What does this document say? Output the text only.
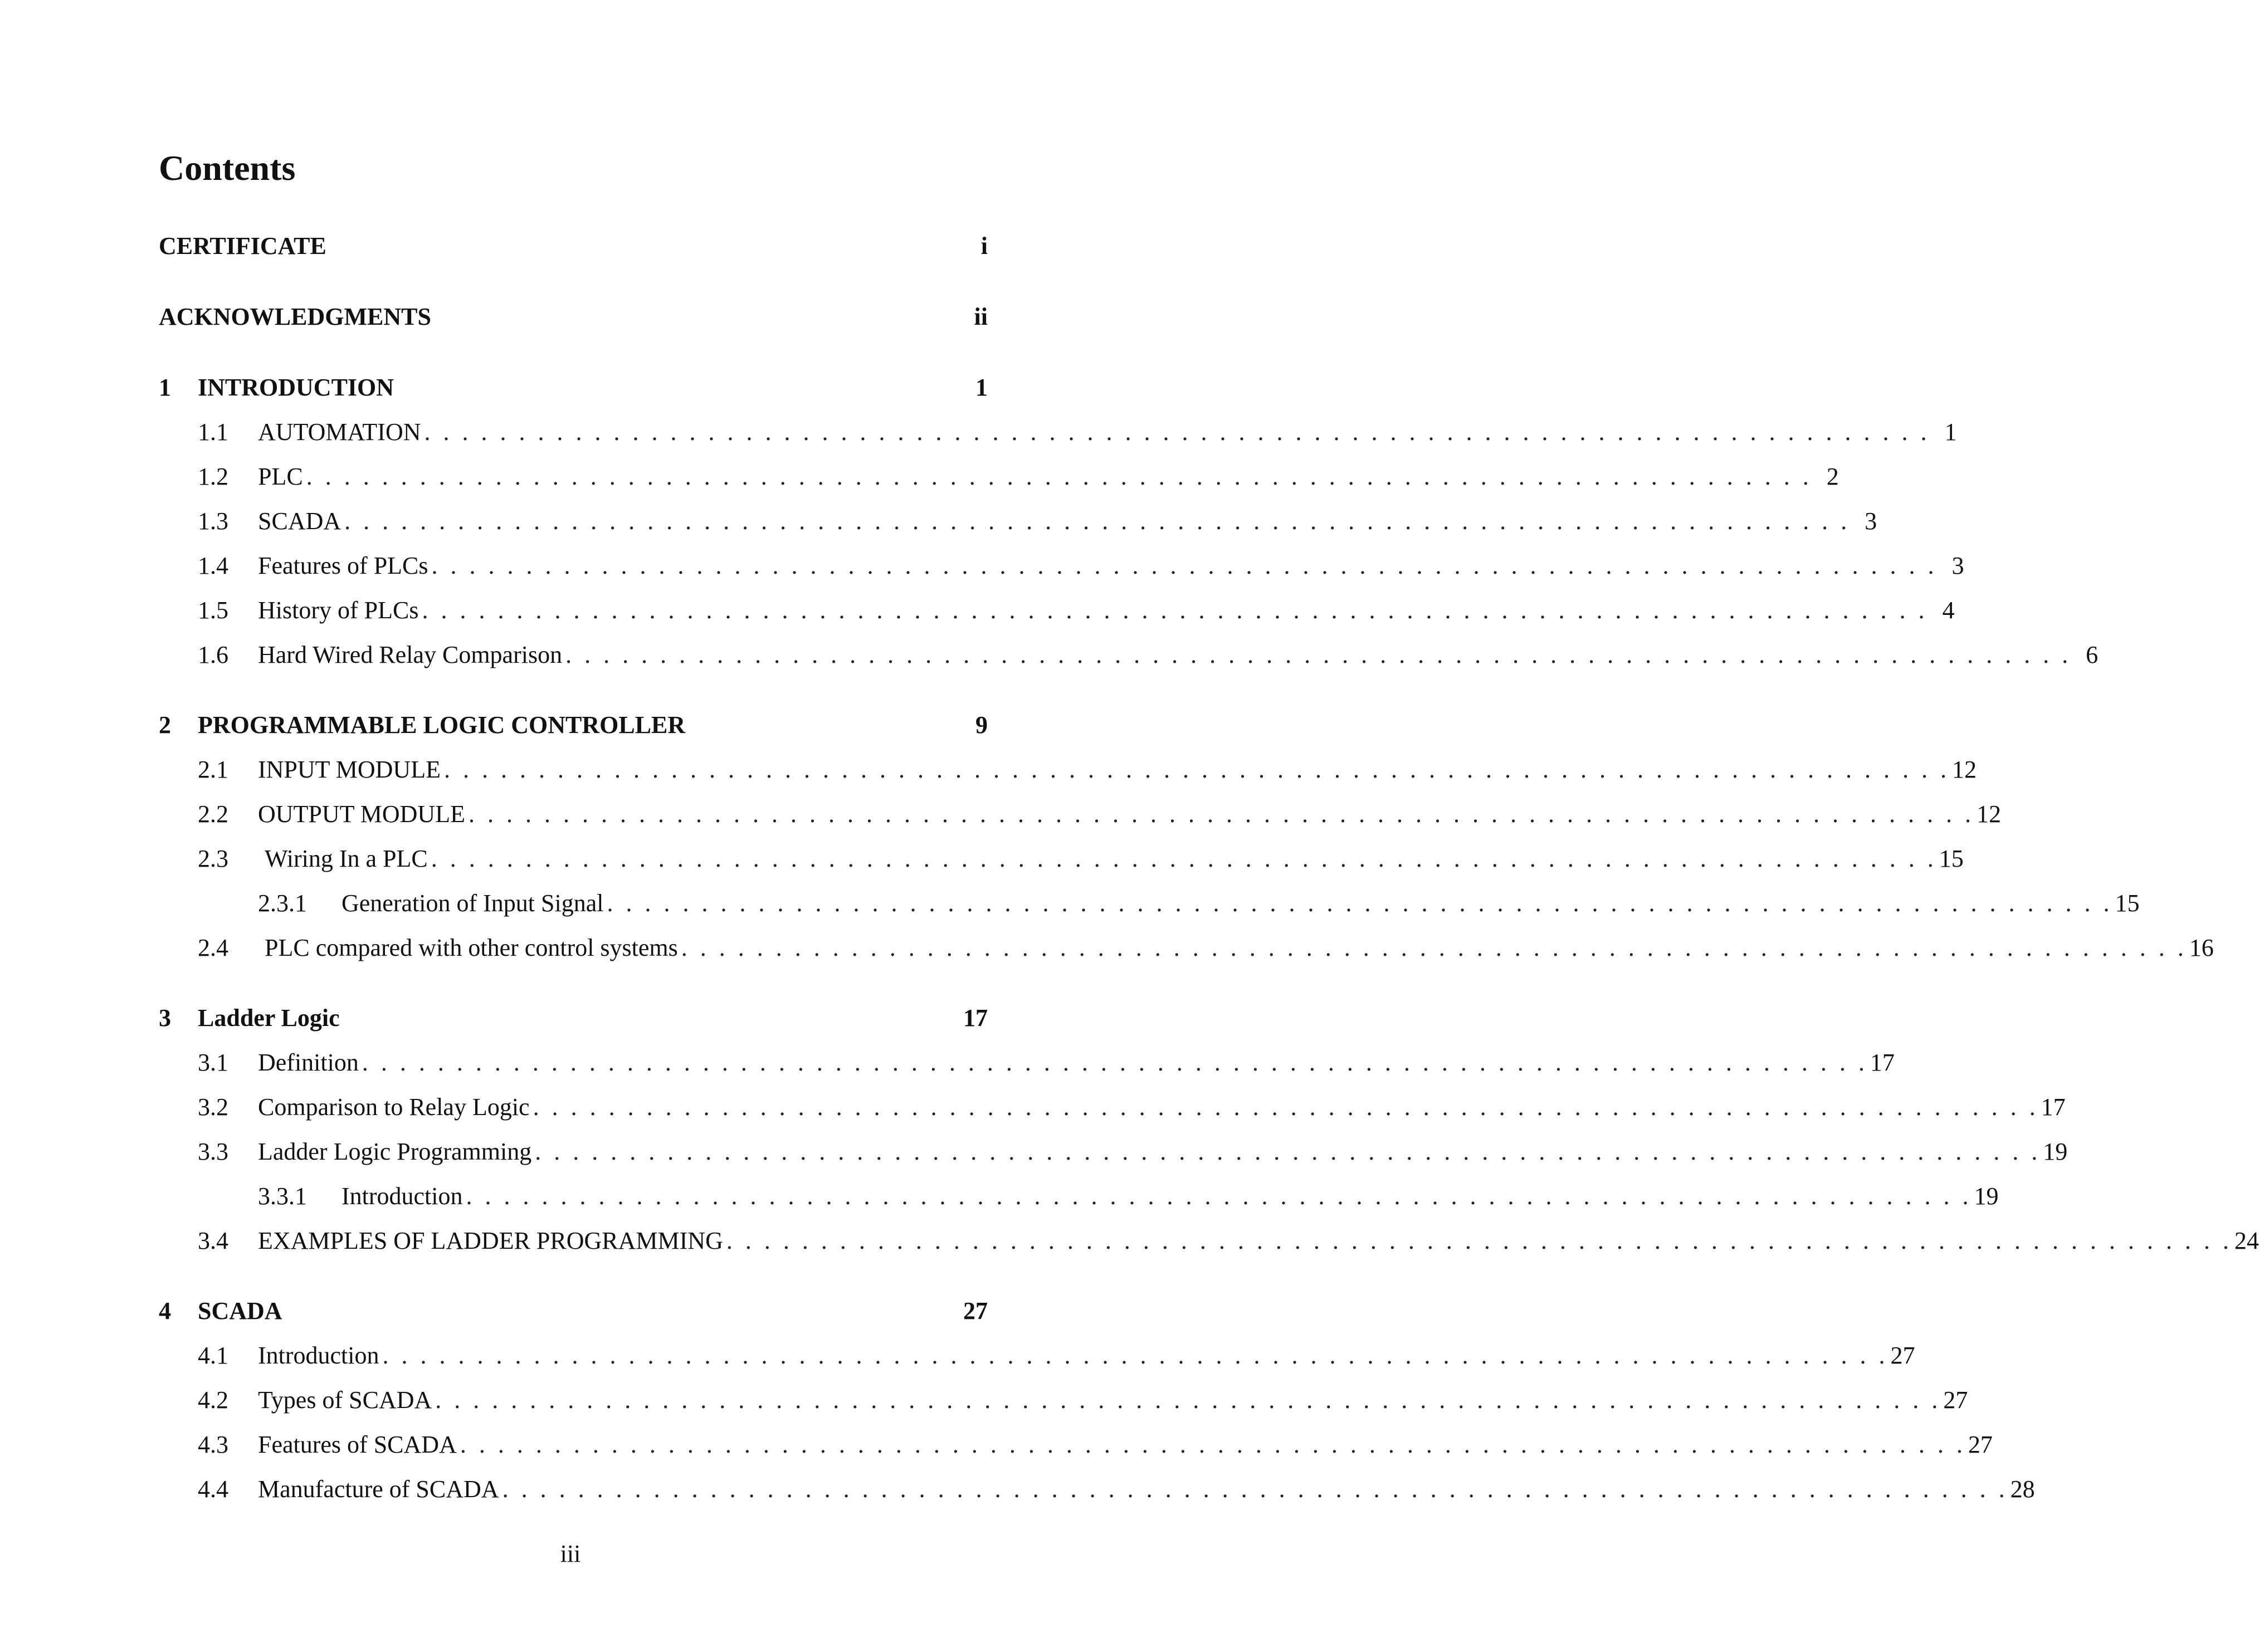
Contents
CERTIFICATE	i
ACKNOWLEDGMENTS	ii
1	INTRODUCTION	1
1.1	AUTOMATION . . . . . . . . . . . . . . . . . . . . . . . . . . . . . . . . . . . . . . . . . . . . . . . . . . . . . . . . . . . . . . . . . . . . . . . . . . . . . . . . 1
1.2	PLC . . . . . . . . . . . . . . . . . . . . . . . . . . . . . . . . . . . . . . . . . . . . . . . . . . . . . . . . . . . . . . . . . . . . . . . . . . . . . . . . 2
1.3	SCADA . . . . . . . . . . . . . . . . . . . . . . . . . . . . . . . . . . . . . . . . . . . . . . . . . . . . . . . . . . . . . . . . . . . . . . . . . . . . . . . . 3
1.4	Features of PLCs . . . . . . . . . . . . . . . . . . . . . . . . . . . . . . . . . . . . . . . . . . . . . . . . . . . . . . . . . . . . . . . . . . . . . . . . . . . . . . . . 3
1.5	History of PLCs . . . . . . . . . . . . . . . . . . . . . . . . . . . . . . . . . . . . . . . . . . . . . . . . . . . . . . . . . . . . . . . . . . . . . . . . . . . . . . . . 4
1.6	Hard Wired Relay Comparison . . . . . . . . . . . . . . . . . . . . . . . . . . . . . . . . . . . . . . . . . . . . . . . . . . . . . . . . . . . . . . . . . . . . . . . . . . . . . . . . 6
2	PROGRAMMABLE LOGIC CONTROLLER	9
2.1	INPUT MODULE . . . . . . . . . . . . . . . . . . . . . . . . . . . . . . . . . . . . . . . . . . . . . . . . . . . . . . . . . . . . . . . . . . . . . . . . . . . . . . . . 12
2.2	OUTPUT MODULE . . . . . . . . . . . . . . . . . . . . . . . . . . . . . . . . . . . . . . . . . . . . . . . . . . . . . . . . . . . . . . . . . . . . . . . . . . . . . . . . 12
2.3	Wiring In a PLC . . . . . . . . . . . . . . . . . . . . . . . . . . . . . . . . . . . . . . . . . . . . . . . . . . . . . . . . . . . . . . . . . . . . . . . . . . . . . . . . 15
2.3.1	Generation of Input Signal . . . . . . . . . . . . . . . . . . . . . . . . . . . . . . . . . . . . . . . . . . . . . . . . . . . . . . . . . . . . . . . . . . . . . . . . . . . . . . . . 15
2.4	PLC compared with other control systems . . . . . . . . . . . . . . . . . . . . . . . . . . . . . . . . . . . . . . . . . . . . . . . . . . . . . . . . . . . . . . . . . . . . . . . . . . . . . . . . 16
3	Ladder Logic	17
3.1	Definition . . . . . . . . . . . . . . . . . . . . . . . . . . . . . . . . . . . . . . . . . . . . . . . . . . . . . . . . . . . . . . . . . . . . . . . . . . . . . . . . 17
3.2	Comparison to Relay Logic . . . . . . . . . . . . . . . . . . . . . . . . . . . . . . . . . . . . . . . . . . . . . . . . . . . . . . . . . . . . . . . . . . . . . . . . . . . . . . . . 17
3.3	Ladder Logic Programming . . . . . . . . . . . . . . . . . . . . . . . . . . . . . . . . . . . . . . . . . . . . . . . . . . . . . . . . . . . . . . . . . . . . . . . . . . . . . . . . 19
3.3.1	Introduction . . . . . . . . . . . . . . . . . . . . . . . . . . . . . . . . . . . . . . . . . . . . . . . . . . . . . . . . . . . . . . . . . . . . . . . . . . . . . . . . 19
3.4	EXAMPLES OF LADDER PROGRAMMING . . . . . . . . . . . . . . . . . . . . . . . . . . . . . . . . . . . . . . . . . . . . . . . . . . . . . . . . . . . . . . . . . . . . . . . . . . . . . . . . 24
4	SCADA	27
4.1	Introduction . . . . . . . . . . . . . . . . . . . . . . . . . . . . . . . . . . . . . . . . . . . . . . . . . . . . . . . . . . . . . . . . . . . . . . . . . . . . . . . . 27
4.2	Types of SCADA . . . . . . . . . . . . . . . . . . . . . . . . . . . . . . . . . . . . . . . . . . . . . . . . . . . . . . . . . . . . . . . . . . . . . . . . . . . . . . . . 27
4.3	Features of SCADA . . . . . . . . . . . . . . . . . . . . . . . . . . . . . . . . . . . . . . . . . . . . . . . . . . . . . . . . . . . . . . . . . . . . . . . . . . . . . . . . 27
4.4	Manufacture of SCADA . . . . . . . . . . . . . . . . . . . . . . . . . . . . . . . . . . . . . . . . . . . . . . . . . . . . . . . . . . . . . . . . . . . . . . . . . . . . . . . . 28
iii
